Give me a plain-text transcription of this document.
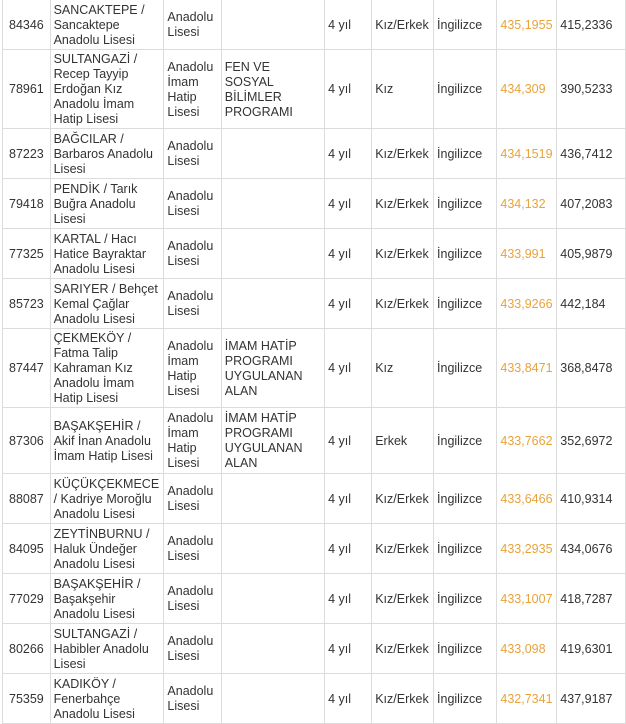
84346	SANCAKTEPE / Sancaktepe Anadolu Lisesi	Anadolu Lisesi		4 yıl	Kız/Erkek	İngilizce	435,1955	415,2336
78961	SULTANGAZİ / Recep Tayyip Erdoğan Kız Anadolu İmam Hatip Lisesi	Anadolu İmam Hatip Lisesi	FEN VE SOSYAL BİLİMLER PROGRAMI	4 yıl	Kız	İngilizce	434,309	390,5233
87223	BAĞCILAR / Barbaros Anadolu Lisesi	Anadolu Lisesi		4 yıl	Kız/Erkek	İngilizce	434,1519	436,7412
79418	PENDİK / Tarık Buğra Anadolu Lisesi	Anadolu Lisesi		4 yıl	Kız/Erkek	İngilizce	434,132	407,2083
77325	KARTAL / Hacı Hatice Bayraktar Anadolu Lisesi	Anadolu Lisesi		4 yıl	Kız/Erkek	İngilizce	433,991	405,9879
85723	SARIYER / Behçet Kemal Çağlar Anadolu Lisesi	Anadolu Lisesi		4 yıl	Kız/Erkek	İngilizce	433,9266	442,184
87447	ÇEKMEKÖY / Fatma Talip Kahraman Kız Anadolu İmam Hatip Lisesi	Anadolu İmam Hatip Lisesi	İMAM HATİP PROGRAMI UYGULANAN ALAN	4 yıl	Kız	İngilizce	433,8471	368,8478
87306	BAŞAKŞEHİR / Akif İnan Anadolu İmam Hatip Lisesi	Anadolu İmam Hatip Lisesi	İMAM HATİP PROGRAMI UYGULANAN ALAN	4 yıl	Erkek	İngilizce	433,7662	352,6972
88087	KÜÇÜKÇEKMECE / Kadriye Moroğlu Anadolu Lisesi	Anadolu Lisesi		4 yıl	Kız/Erkek	İngilizce	433,6466	410,9314
84095	ZEYTİNBURNU / Haluk Ündeğer Anadolu Lisesi	Anadolu Lisesi		4 yıl	Kız/Erkek	İngilizce	433,2935	434,0676
77029	BAŞAKŞEHİR / Başakşehir Anadolu Lisesi	Anadolu Lisesi		4 yıl	Kız/Erkek	İngilizce	433,1007	418,7287
80266	SULTANGAZİ / Habibler Anadolu Lisesi	Anadolu Lisesi		4 yıl	Kız/Erkek	İngilizce	433,098	419,6301
75359	KADIKÖY / Fenerbahçe Anadolu Lisesi	Anadolu Lisesi		4 yıl	Kız/Erkek	İngilizce	432,7341	437,9187
